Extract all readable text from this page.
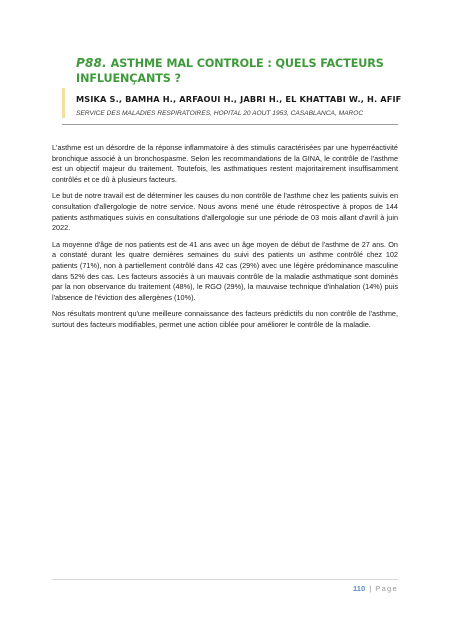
P88. ASTHME MAL CONTROLE : QUELS FACTEURS INFLUENÇANTS ?
MSIKA S., BAMHA H., ARFAOUI H., JABRI H., EL KHATTABI W., H. AFIF
SERVICE DES MALADIES RESPIRATOIRES, HOPITAL 20 AOUT 1953, CASABLANCA, MAROC

L'asthme est un désordre de la réponse inflammatoire à des stimulis caractérisées par une hyperréactivité bronchique associé à un bronchospasme. Selon les recommandations de la GINA, le contrôle de l'asthme est un objectif majeur du traitement. Toutefois, les asthmatiques restent majoritairement insuffisamment contrôlés et ce dû à plusieurs facteurs.

Le but de notre travail est de déterminer les causes du non contrôle de l'asthme chez les patients suivis en consultation d'allergologie de notre service. Nous avons mené une étude rétrospective à propos de 144 patients asthmatiques suivis en consultations d'allergologie sur une période de 03 mois allant d'avril à juin 2022.

La moyenne d'âge de nos patients est de 41 ans avec un âge moyen de début de l'asthme de 27 ans. On a constaté durant les quatre dernières semaines du suivi des patients un asthme contrôlé chez 102 patients (71%), non à partiellement contrôlé dans 42 cas (29%) avec une légère prédominance masculine dans 52% des cas. Les facteurs associés à un mauvais contrôle de la maladie asthmatique sont dominés par la non observance du traitement (48%), le RGO (29%), la mauvaise technique d'inhalation (14%) puis l'absence de l'éviction des allergènes (10%).

Nos résultats montrent qu'une meilleure connaissance des facteurs prédictifs du non contrôle de l'asthme, surtout des facteurs modifiables, permet une action ciblée pour améliorer le contrôle de la maladie.

110 | Page
